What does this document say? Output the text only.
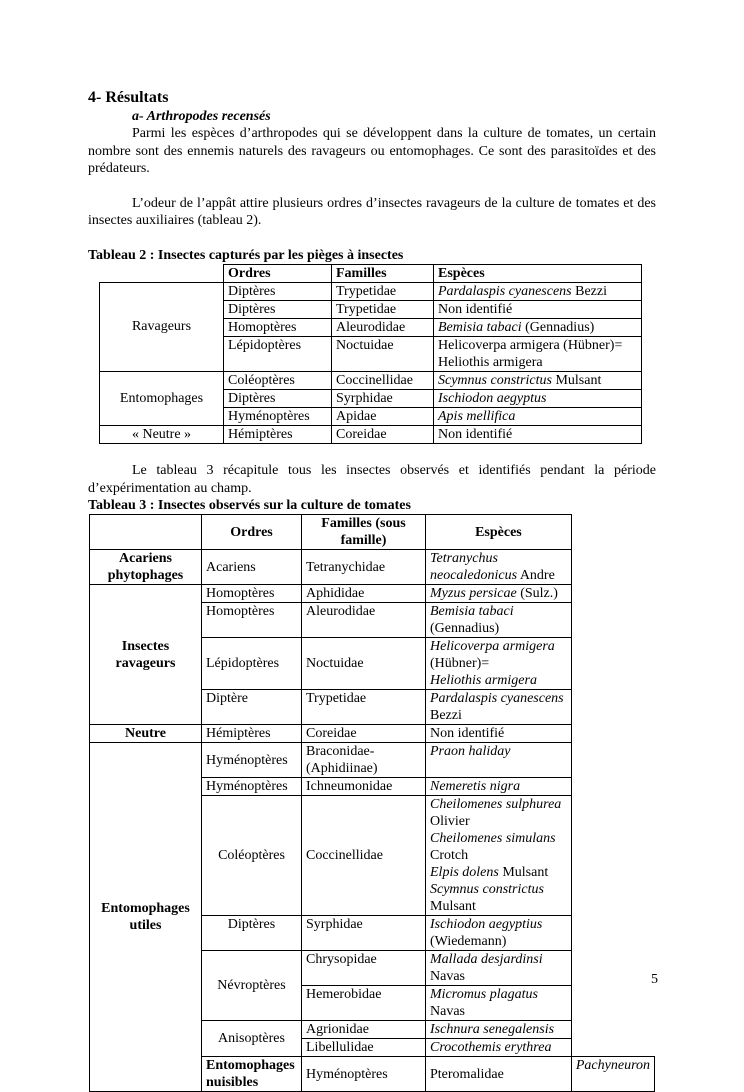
4- Résultats
a- Arthropodes recensés

Parmi les espèces d’arthropodes qui se développent dans la culture de tomates, un certain nombre sont des ennemis naturels des ravageurs ou entomophages. Ce sont des parasitoïdes et des prédateurs.

L’odeur de l’appât attire plusieurs ordres d’insectes ravageurs de la culture de tomates et des insectes auxiliaires (tableau 2).

Tableau 2 : Insectes capturés par les pièges à insectes
	Ordres	Familles	Espèces
Ravageurs	Diptères	Trypetidae	Pardalaspis cyanescens Bezzi
	Diptères	Trypetidae	Non identifié
	Homoptères	Aleurodidae	Bemisia tabaci (Gennadius)
	Lépidoptères	Noctuidae	Helicoverpa armigera (Hübner)= Heliothis armigera
Entomophages	Coléoptères	Coccinellidae	Scymnus constrictus Mulsant
	Diptères	Syrphidae	Ischiodon aegyptus
	Hyménoptères	Apidae	Apis mellifica
« Neutre »	Hémiptères	Coreidae	Non identifié

Le tableau 3 récapitule tous les insectes observés et identifiés pendant la période d’expérimentation au champ.

Tableau 3 : Insectes observés sur la culture de tomates
	Ordres	Familles (sous famille)	Espèces	
Acariens phytophages	Acariens	Tetranychidae	Tetranychus neocaledonicus Andre	
Insectes ravageurs	Homoptères	Aphididae	Myzus persicae (Sulz.)	
	Homoptères	Aleurodidae	Bemisia tabaci (Gennadius)	
	Lépidoptères	Noctuidae	Helicoverpa armigera (Hübner)=
Heliothis armigera	
	Diptère	Trypetidae	Pardalaspis cyanescens Bezzi	
Neutre	Hémiptères	Coreidae	Non identifié	
Entomophages utiles	Hyménoptères	Braconidae-(Aphidiinae)	Praon haliday	
	Hyménoptères	Ichneumonidae	Nemeretis nigra	
	Coléoptères	Coccinellidae	Cheilomenes sulphurea Olivier
Cheilomenes simulans Crotch
Elpis dolens Mulsant
Scymnus constrictus Mulsant	
	Diptères	Syrphidae	Ischiodon aegyptius (Wiedemann)	
	Névroptères	Chrysopidae	Mallada desjardinsi Navas	
		Hemerobidae	Micromus plagatus Navas	
	Anisoptères	Agrionidae	Ischnura senegalensis	
		Libellulidae	Crocothemis erythrea	
	Entomophages nuisibles	Hyménoptères	Pteromalidae	Pachyneuron
5
